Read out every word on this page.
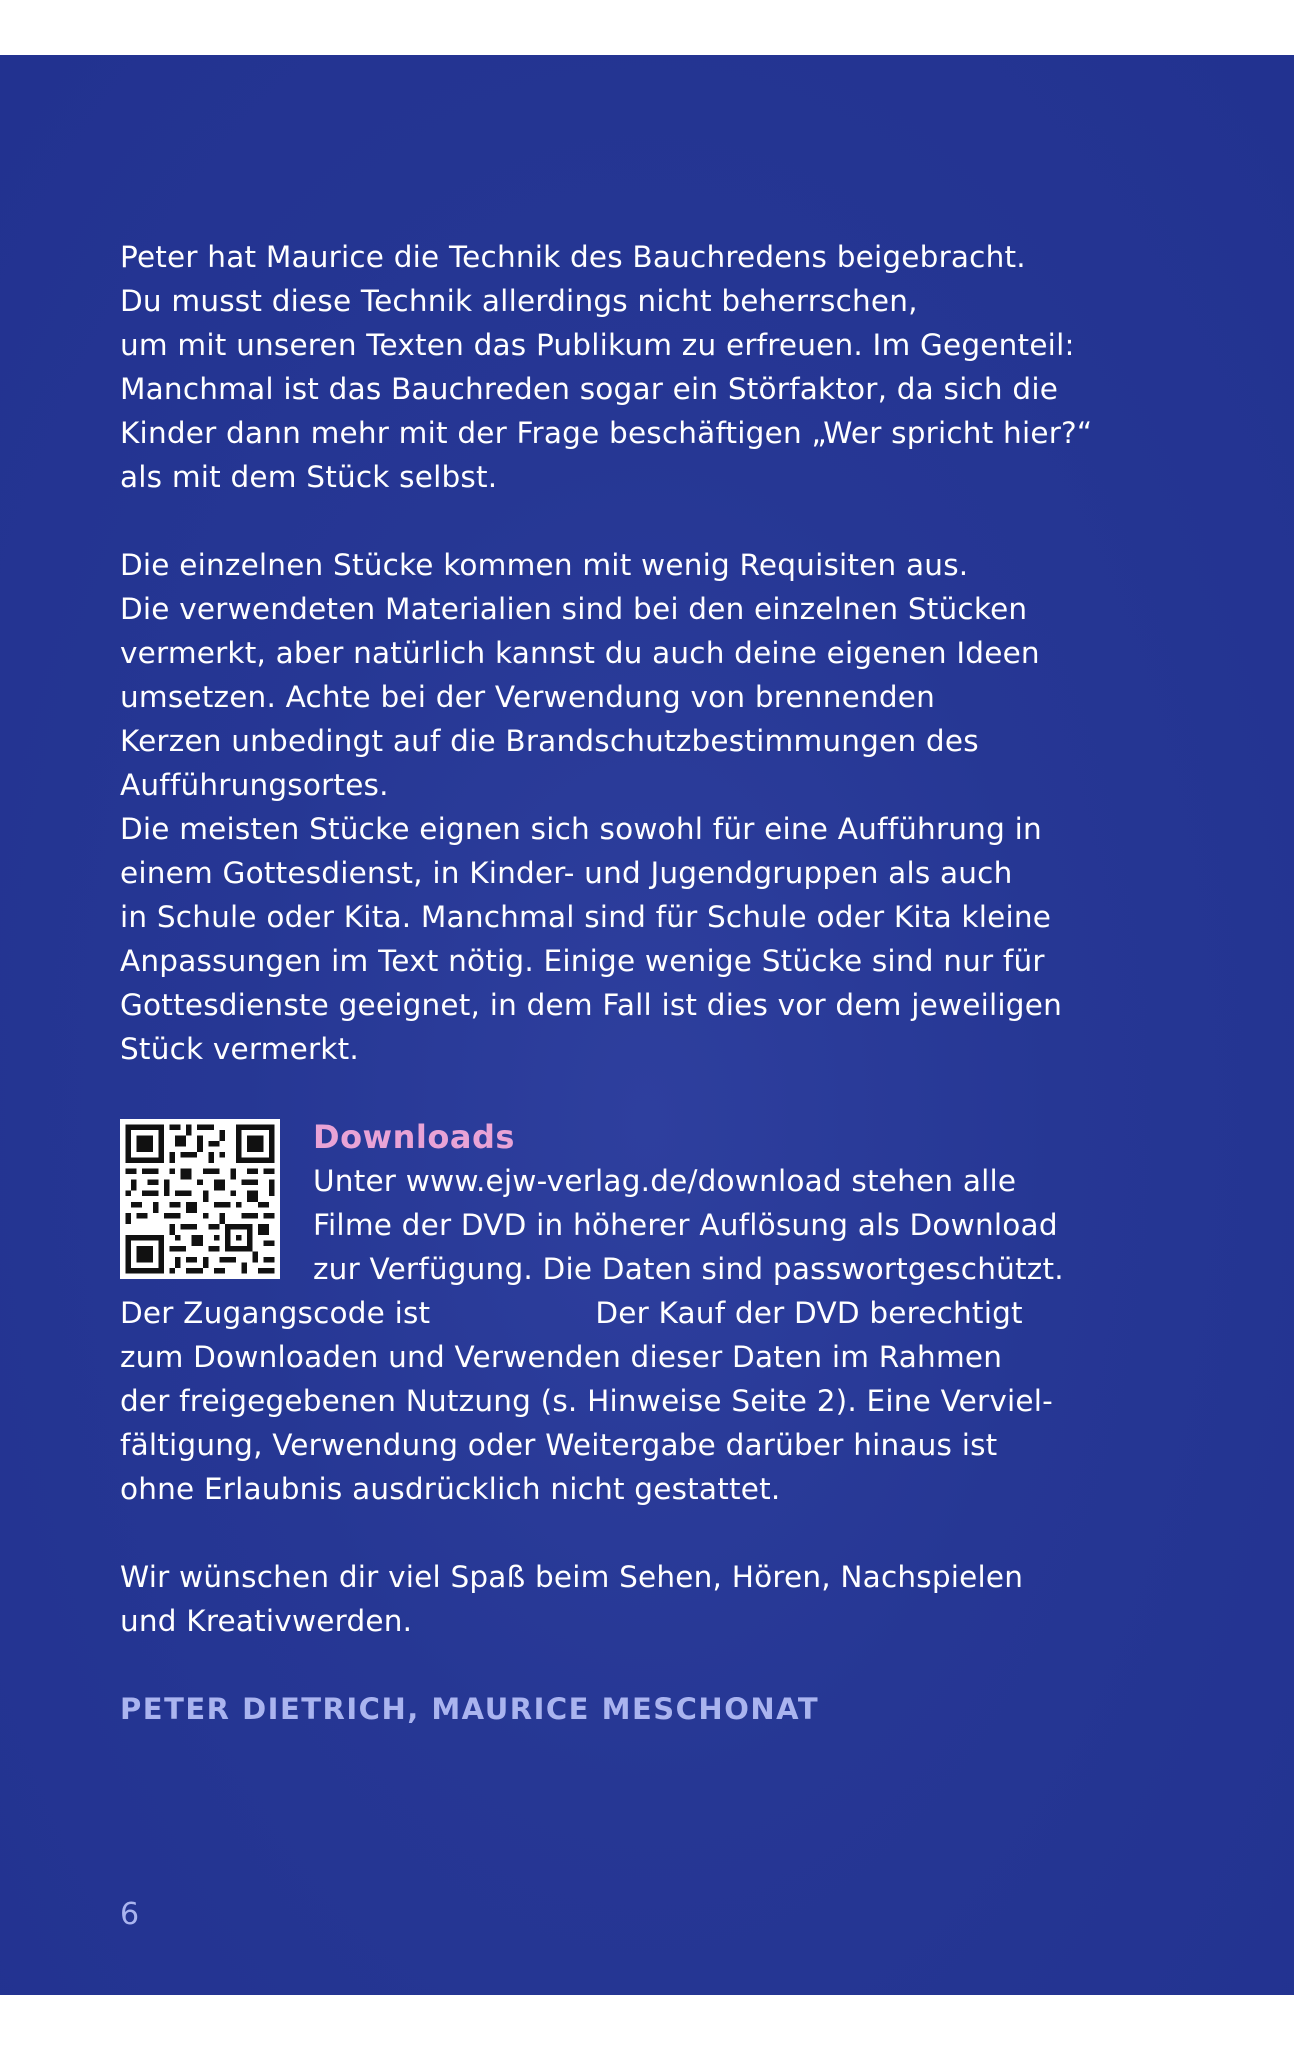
Peter hat Maurice die Technik des Bauchredens beigebracht.
Du musst diese Technik allerdings nicht beherrschen,
um mit unseren Texten das Publikum zu erfreuen. Im Gegenteil:
Manchmal ist das Bauchreden sogar ein Störfaktor, da sich die
Kinder dann mehr mit der Frage beschäftigen „Wer spricht hier?“
als mit dem Stück selbst.

Die einzelnen Stücke kommen mit wenig Requisiten aus.
Die verwendeten Materialien sind bei den einzelnen Stücken
vermerkt, aber natürlich kannst du auch deine eigenen Ideen
umsetzen. Achte bei der Verwendung von brennenden
Kerzen unbedingt auf die Brandschutzbestimmungen des
Aufführungsortes.

Die meisten Stücke eignen sich sowohl für eine Aufführung in
einem Gottesdienst, in Kinder- und Jugendgruppen als auch
in Schule oder Kita. Manchmal sind für Schule oder Kita kleine
Anpassungen im Text nötig. Einige wenige Stücke sind nur für
Gottesdienste geeignet, in dem Fall ist dies vor dem jeweiligen
Stück vermerkt.

Downloads
Unter www.ejw-verlag.de/download stehen alle
Filme der DVD in höherer Auflösung als Download
zur Verfügung. Die Daten sind passwortgeschützt.
Der Zugangscode ist	Der Kauf der DVD berechtigt
zum Downloaden und Verwenden dieser Daten im Rahmen
der freigegebenen Nutzung (s. Hinweise Seite 2). Eine Verviel-
fältigung, Verwendung oder Weitergabe darüber hinaus ist
ohne Erlaubnis ausdrücklich nicht gestattet.

Wir wünschen dir viel Spaß beim Sehen, Hören, Nachspielen
und Kreativwerden.

PETER DIETRICH, MAURICE MESCHONAT
6
